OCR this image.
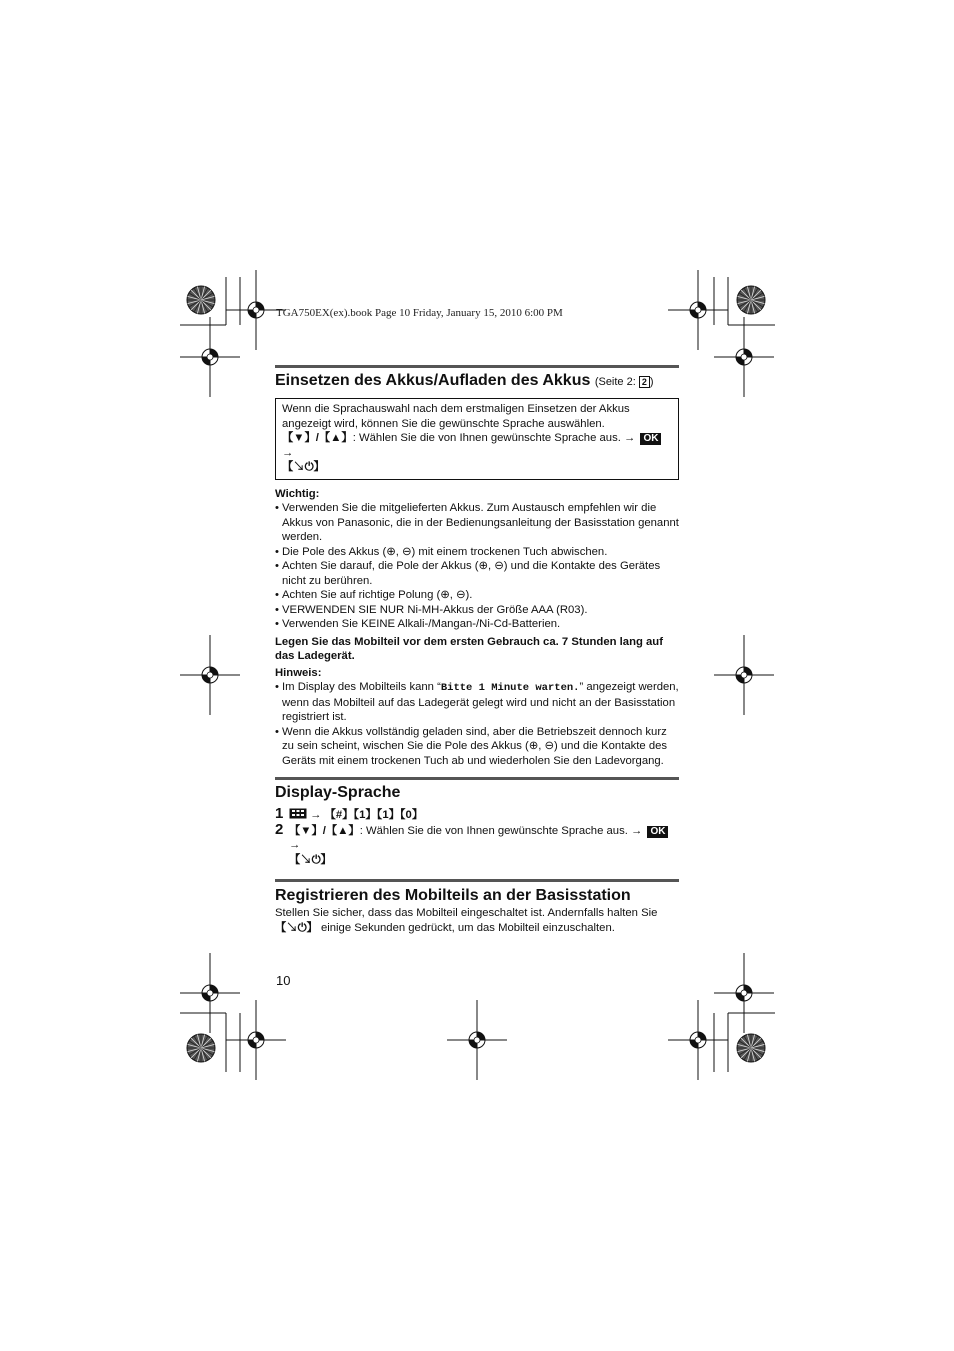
TGA750EX(ex).book Page 10 Friday, January 15, 2010 6:00 PM
Einsetzen des Akkus/Aufladen des Akkus (Seite 2: 2 )
Wenn die Sprachauswahl nach dem erstmaligen Einsetzen der Akkus angezeigt wird, können Sie die gewünschte Sprache auswählen.
【▼】/【▲】: Wählen Sie die von Ihnen gewünschte Sprache aus. → OK →
【↘⏻】
Wichtig:
• Verwenden Sie die mitgelieferten Akkus. Zum Austausch empfehlen wir die Akkus von Panasonic, die in der Bedienungsanleitung der Basisstation genannt werden.
• Die Pole des Akkus (⊕, ⊖) mit einem trockenen Tuch abwischen.
• Achten Sie darauf, die Pole der Akkus (⊕, ⊖) und die Kontakte des Gerätes nicht zu berühren.
• Achten Sie auf richtige Polung (⊕, ⊖).
• VERWENDEN SIE NUR Ni-MH-Akkus der Größe AAA (R03).
• Verwenden Sie KEINE Alkali-/Mangan-/Ni-Cd-Batterien.
Legen Sie das Mobilteil vor dem ersten Gebrauch ca. 7 Stunden lang auf das Ladegerät.
Hinweis:
• Im Display des Mobilteils kann “Bitte 1 Minute warten.” angezeigt werden, wenn das Mobilteil auf das Ladegerät gelegt wird und nicht an der Basisstation registriert ist.
• Wenn die Akkus vollständig geladen sind, aber die Betriebszeit dennoch kurz zu sein scheint, wischen Sie die Pole des Akkus (⊕, ⊖) und die Kontakte des Geräts mit einem trockenen Tuch ab und wiederholen Sie den Ladevorgang.
Display-Sprache
1	→ 【#】【1】【1】【0】
2 【▼】/【▲】: Wählen Sie die von Ihnen gewünschte Sprache aus. → OK →
【↘⏻】
Registrieren des Mobilteils an der Basisstation
Stellen Sie sicher, dass das Mobilteil eingeschaltet ist. Andernfalls halten Sie
【↘⏻】 einige Sekunden gedrückt, um das Mobilteil einzuschalten.
10
